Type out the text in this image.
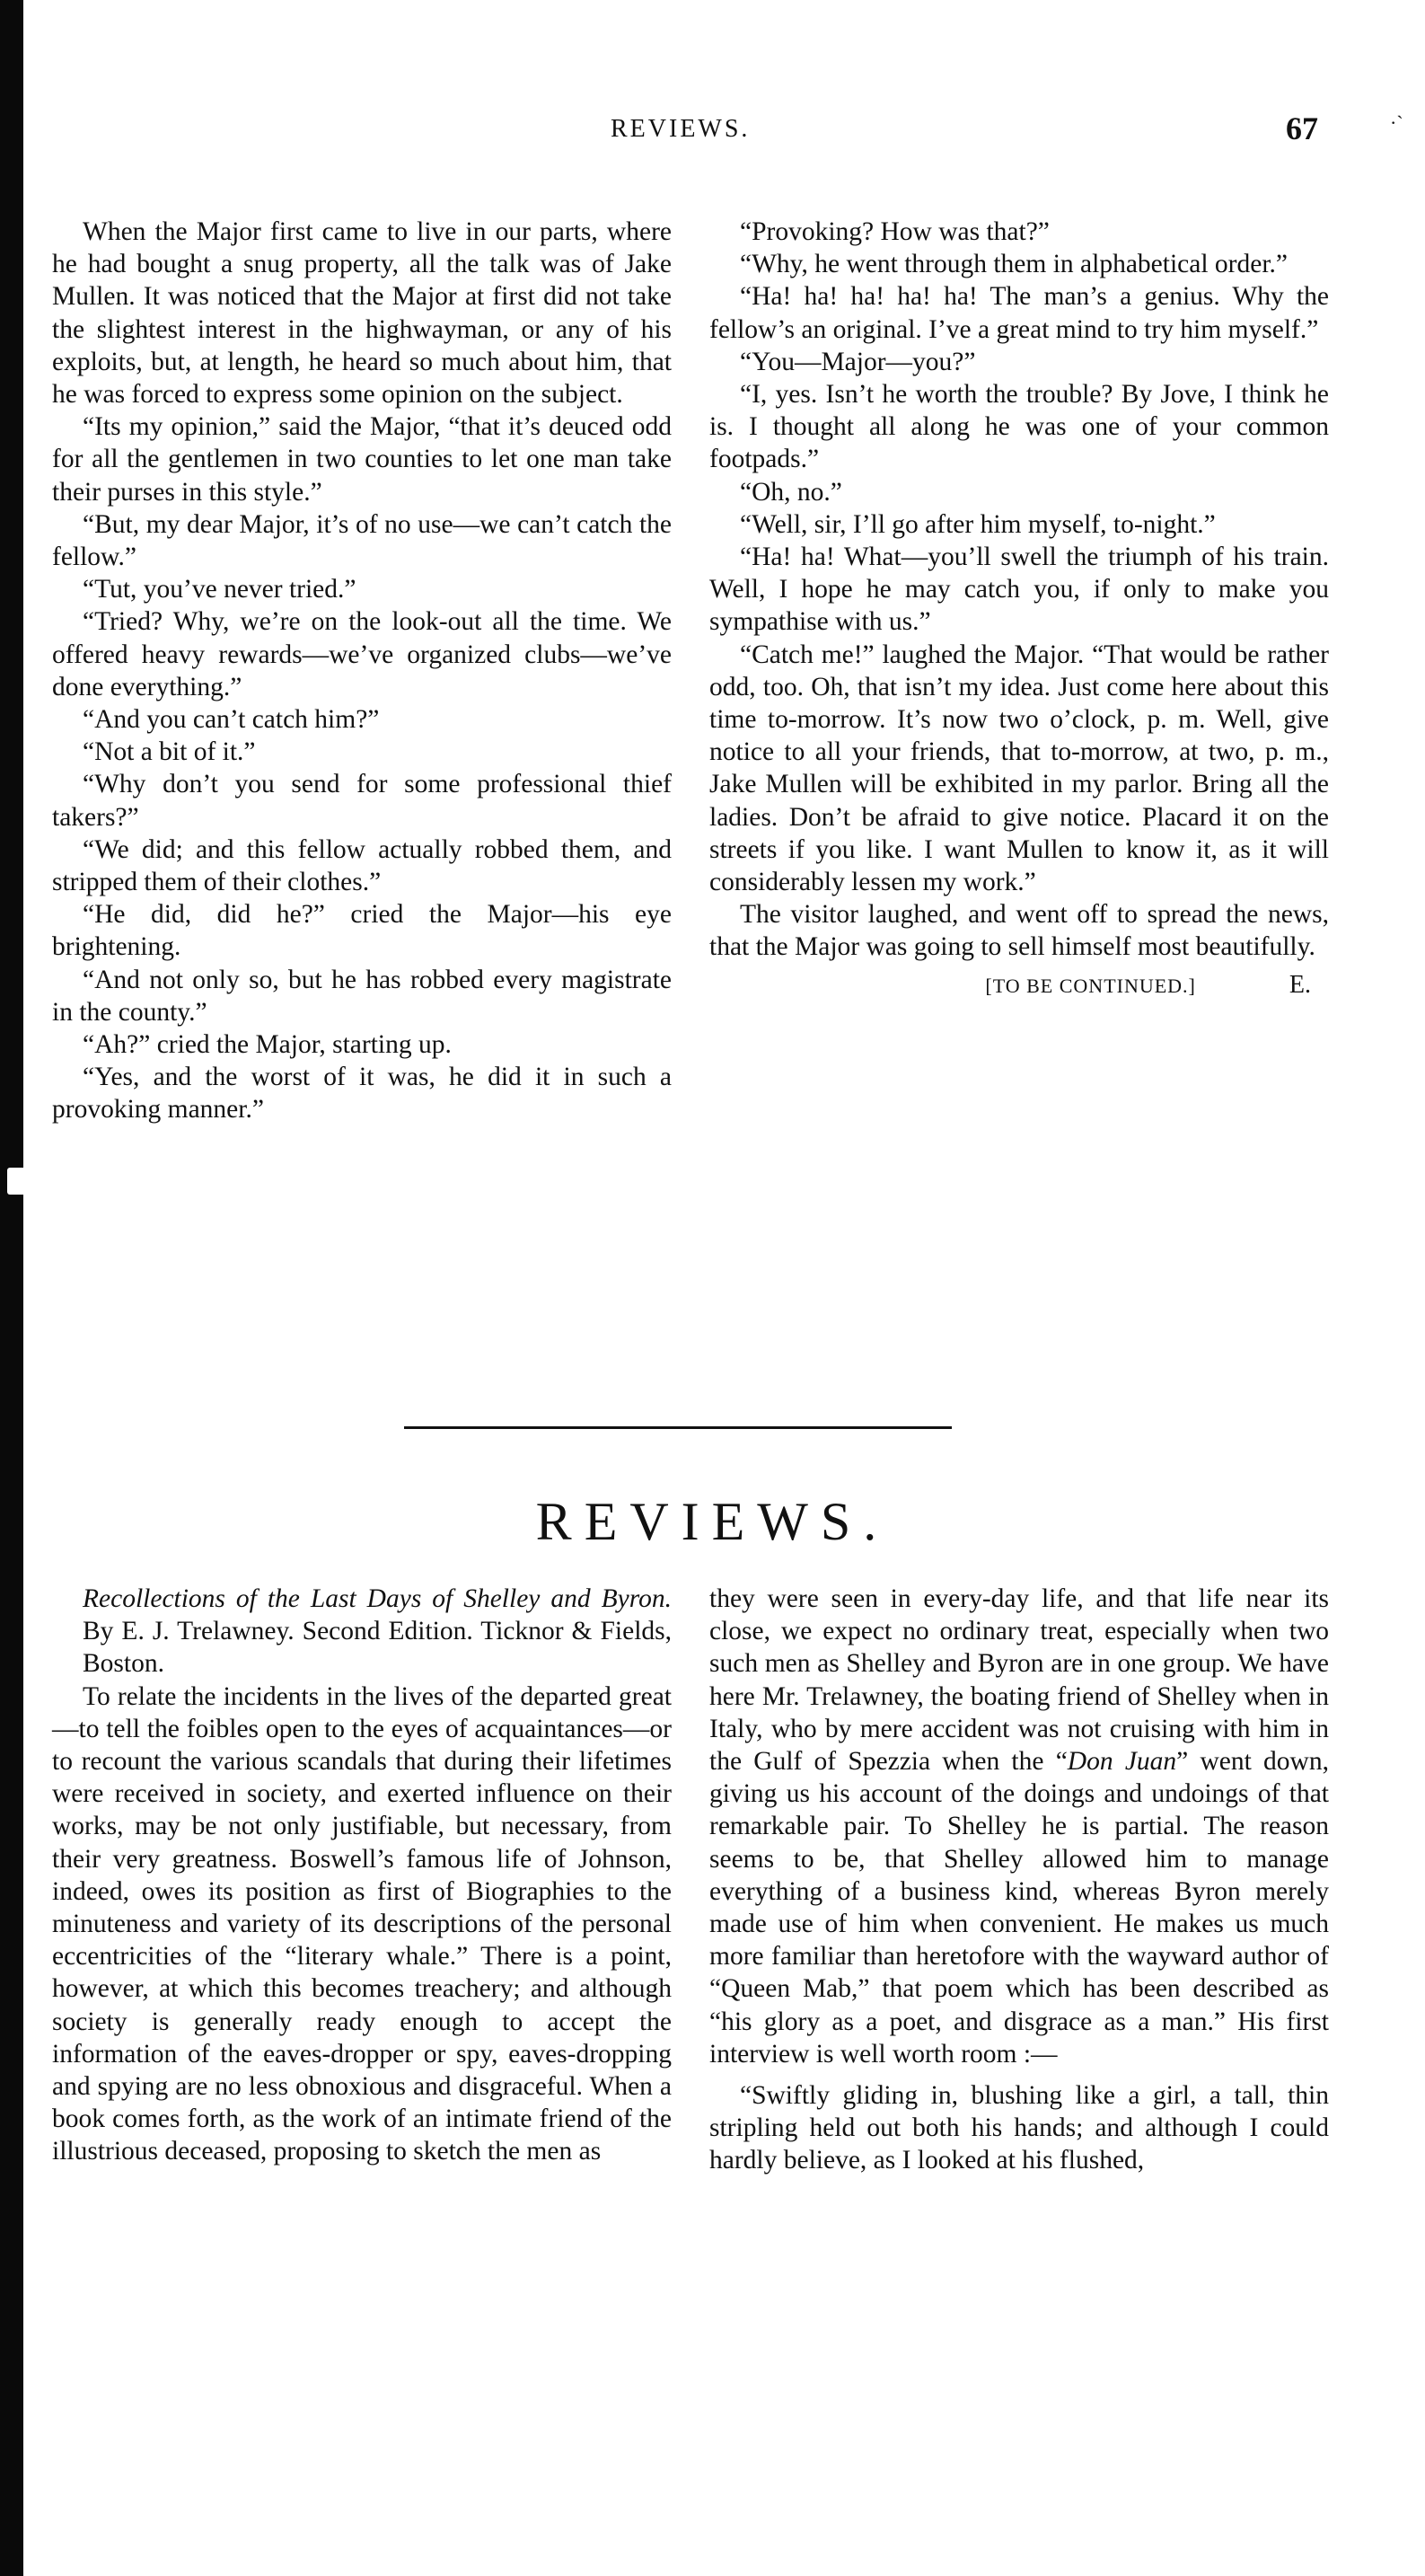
REVIEWS.	67	·`

When the Major first came to live in our parts, where he had bought a snug property, all the talk was of Jake Mullen. It was noticed that the Major at first did not take the slightest interest in the highwayman, or any of his exploits, but, at length, he heard so much about him, that he was forced to express some opinion on the subject.

“Its my opinion,” said the Major, “that it’s deuced odd for all the gentlemen in two counties to let one man take their purses in this style.”

“But, my dear Major, it’s of no use—we can’t catch the fellow.”

“Tut, you’ve never tried.”

“Tried? Why, we’re on the look-out all the time. We offered heavy rewards—we’ve organized clubs—we’ve done everything.”

“And you can’t catch him?”

“Not a bit of it.”

“Why don’t you send for some professional thief takers?”

“We did; and this fellow actually robbed them, and stripped them of their clothes.”

“He did, did he?” cried the Major—his eye brightening.

“And not only so, but he has robbed every magistrate in the county.”

“Ah?” cried the Major, starting up.

“Yes, and the worst of it was, he did it in such a provoking manner.”

“Provoking? How was that?”

“Why, he went through them in alphabetical order.”

“Ha! ha! ha! ha! ha! The man’s a genius. Why the fellow’s an original. I’ve a great mind to try him myself.”

“You—Major—you?”

“I, yes. Isn’t he worth the trouble? By Jove, I think he is. I thought all along he was one of your common footpads.”

“Oh, no.”

“Well, sir, I’ll go after him myself, to-night.”

“Ha! ha! What—you’ll swell the triumph of his train. Well, I hope he may catch you, if only to make you sympathise with us.”

“Catch me!” laughed the Major. “That would be rather odd, too. Oh, that isn’t my idea. Just come here about this time to-morrow. It’s now two o’clock, p. m. Well, give notice to all your friends, that to-morrow, at two, p. m., Jake Mullen will be exhibited in my parlor. Bring all the ladies. Don’t be afraid to give notice. Placard it on the streets if you like. I want Mullen to know it, as it will considerably lessen my work.”

The visitor laughed, and went off to spread the news, that the Major was going to sell himself most beautifully.

[TO BE CONTINUED.]	E.
REVIEWS.

Recollections of the Last Days of Shelley and Byron. By E. J. Trelawney. Second Edition. Ticknor & Fields, Boston.

To relate the incidents in the lives of the departed great—to tell the foibles open to the eyes of acquaintances—or to recount the various scandals that during their lifetimes were received in society, and exerted influence on their works, may be not only justifiable, but necessary, from their very greatness. Boswell’s famous life of Johnson, indeed, owes its position as first of Biographies to the minuteness and variety of its descriptions of the personal eccentricities of the “literary whale.” There is a point, however, at which this becomes treachery; and although society is generally ready enough to accept the information of the eaves-dropper or spy, eaves-dropping and spying are no less obnoxious and disgraceful. When a book comes forth, as the work of an intimate friend of the illustrious deceased, proposing to sketch the men as

they were seen in every-day life, and that life near its close, we expect no ordinary treat, especially when two such men as Shelley and Byron are in one group. We have here Mr. Trelawney, the boating friend of Shelley when in Italy, who by mere accident was not cruising with him in the Gulf of Spezzia when the “Don Juan” went down, giving us his account of the doings and undoings of that remarkable pair. To Shelley he is partial. The reason seems to be, that Shelley allowed him to manage everything of a business kind, whereas Byron merely made use of him when convenient. He makes us much more familiar than heretofore with the wayward author of “Queen Mab,” that poem which has been described as “his glory as a poet, and disgrace as a man.” His first interview is well worth room :—

“Swiftly gliding in, blushing like a girl, a tall, thin stripling held out both his hands; and although I could hardly believe, as I looked at his flushed,
